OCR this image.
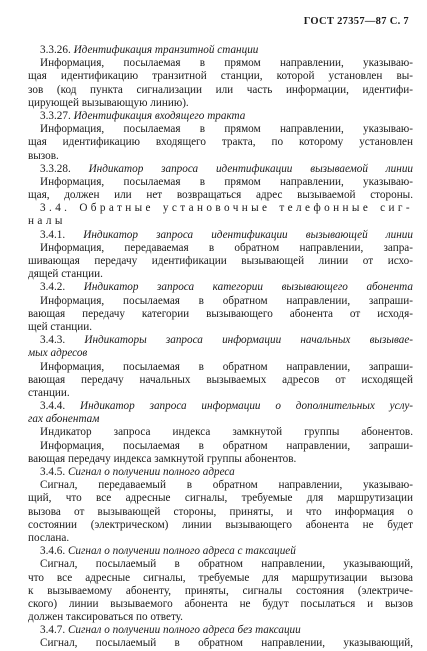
ГОСТ 27357—87 С. 7
3.3.26. Идентификация транзитной станции
Информация, посылаемая в прямом направлении, указываю-
щая идентификацию транзитной станции, которой установлен вы-
зов (код пункта сигнализации или часть информации, идентифи-
цирующей вызывающую линию).
3.3.27. Идентификация входящего тракта
Информация, посылаемая в прямом направлении, указываю-
щая идентификацию входящего тракта, по которому установлен
вызов.
3.3.28. Индикатор запроса идентификации вызываемой линии
Информация, посылаемая в прямом направлении, указываю-
щая, должен или нет возвращаться адрес вызываемой стороны.
3.4. Обратные установочные телефонные сиг-
налы
3.4.1. Индикатор запроса идентификации вызывающей линии
Информация, передаваемая в обратном направлении, запра-
шивающая передачу идентификации вызывающей линии от исхо-
дящей станции.
3.4.2. Индикатор запроса категории вызывающего абонента
Информация, посылаемая в обратном направлении, запраши-
вающая передачу категории вызывающего абонента от исходя-
щей станции.
3.4.3. Индикаторы запроса информации начальных вызывае-
мых адресов
Информация, посылаемая в обратном направлении, запраши-
вающая передачу начальных вызываемых адресов от исходящей
станции.
3.4.4. Индикатор запроса информации о дополнительных услу-
гах абонентам
Индикатор запроса индекса замкнутой группы абонентов.
Информация, посылаемая в обратном направлении, запраши-
вающая передачу индекса замкнутой группы абонентов.
3.4.5. Сигнал о получении полного адреса
Сигнал, передаваемый в обратном направлении, указываю-
щий, что все адресные сигналы, требуемые для маршрутизации
вызова от вызывающей стороны, приняты, и что информация о
состоянии (электрическом) линии вызывающего абонента не будет
послана.
3.4.6. Сигнал о получении полного адреса с таксацией
Сигнал, посылаемый в обратном направлении, указывающий,
что все адресные сигналы, требуемые для маршрутизации вызова
к вызываемому абоненту, приняты, сигналы состояния (электриче-
ского) линии вызываемого абонента не будут посылаться и вызов
должен таксироваться по ответу.
3.4.7. Сигнал о получении полного адреса без таксации
Сигнал, посылаемый в обратном направлении, указывающий,
